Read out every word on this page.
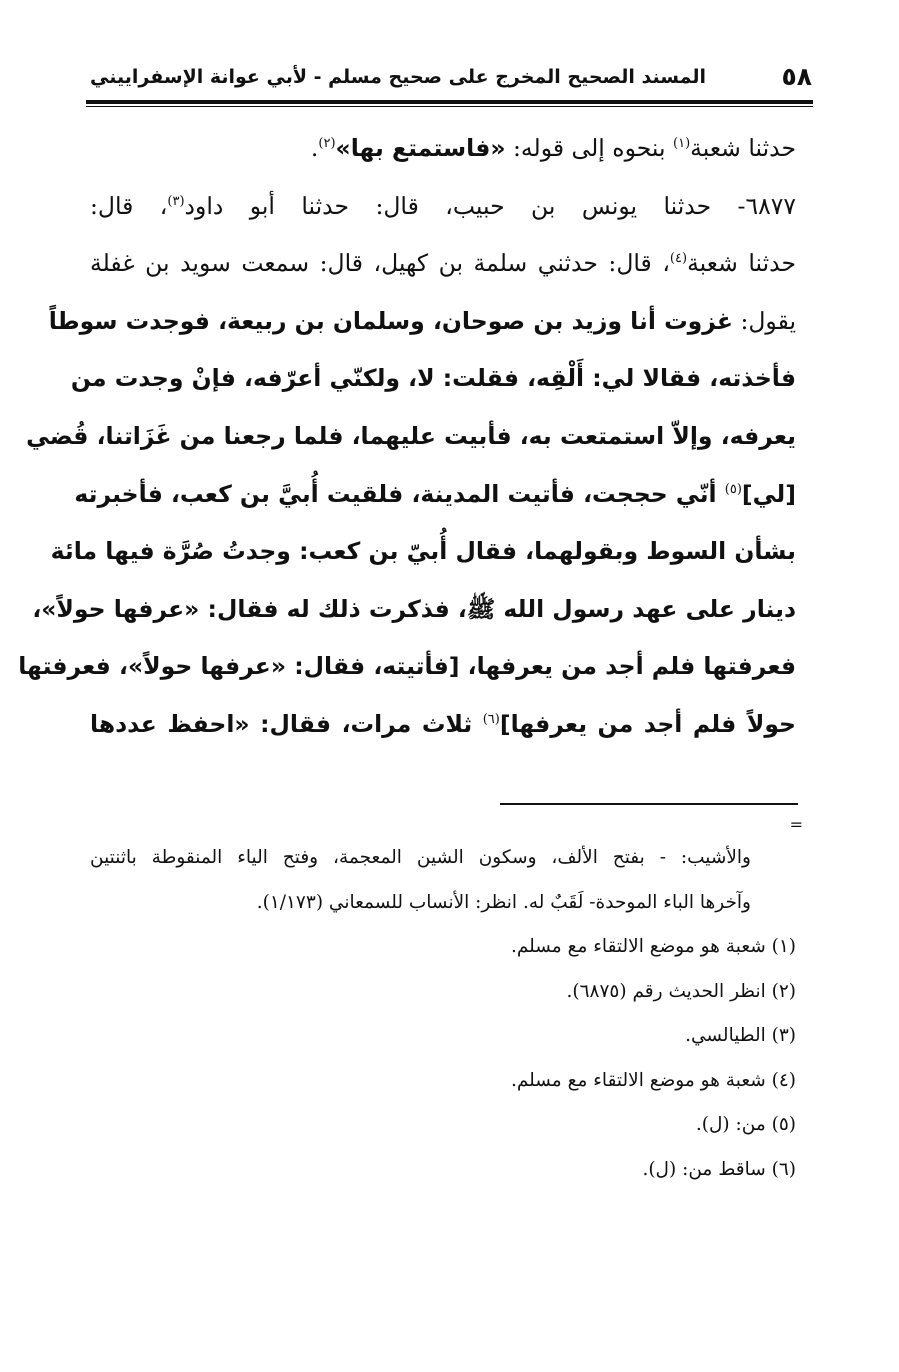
٥٨
المسند الصحيح المخرج على صحيح مسلم - لأبي عوانة الإسفراييني
حدثنا شعبة$^{(١)}$ بنحوه إلى قوله: «فاستمتع بها»$^{(٢)}$.
٦٨٧٧- حدثنا يونس بن حبيب، قال: حدثنا أبو داود$^{(٣)}$، قال:
حدثنا شعبة$^{(٤)}$، قال: حدثني سلمة بن كهيل، قال: سمعت سويد بن غفلة
يقول: غزوت أنا وزيد بن صوحان، وسلمان بن ربيعة، فوجدت سوطاً
فأخذته، فقالا لي: أَلْقِه، فقلت: لا، ولكنّي أعرّفه، فإنْ وجدت من
يعرفه، وإلاّ استمتعت به، فأبيت عليهما، فلما رجعنا من غَزَاتنا، قُضي
[لي]$^{(٥)}$ أنّي حججت، فأتيت المدينة، فلقيت أُبيَّ بن كعب، فأخبرته
بشأن السوط وبقولهما، فقال أُبيّ بن كعب: وجدتُ صُرَّة فيها مائة
دينار على عهد رسول الله ﷺ، فذكرت ذلك له فقال: «عرفها حولاً»،
فعرفتها فلم أجد من يعرفها، [فأتيته، فقال: «عرفها حولاً»، فعرفتها
حولاً فلم أجد من يعرفها]$^{(٦)}$ ثلاث مرات، فقال: «احفظ عددها
=
والأشيب: - بفتح الألف، وسكون الشين المعجمة، وفتح الياء المنقوطة باثنتين
وآخرها الباء الموحدة- لَقَبٌ له. انظر: الأنساب للسمعاني (١/١٧٣).
(١) شعبة هو موضع الالتقاء مع مسلم.
(٢) انظر الحديث رقم (٦٨٧٥).
(٣) الطيالسي.
(٤) شعبة هو موضع الالتقاء مع مسلم.
(٥) من: (ل).
(٦) ساقط من: (ل).
